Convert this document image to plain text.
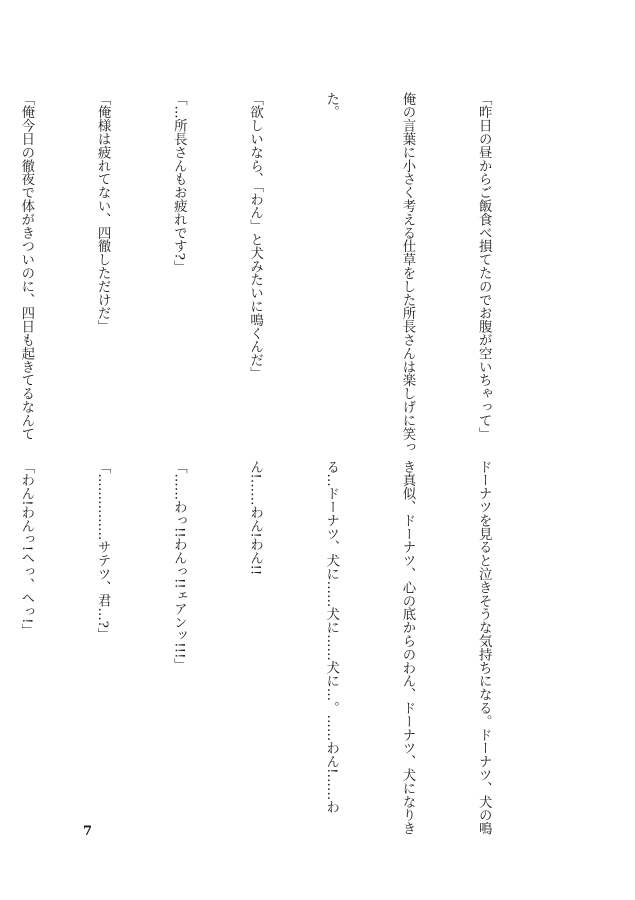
「昨日の昼からご飯食べ損てたのでお腹が空いちゃって」

俺の言葉に小さく考える仕草をした所長さんは楽しげに笑っ

た。

「欲しいなら、「わん」と犬みたいに鳴くんだ」

「…所長さんもお疲れです?」

「俺様は疲れてない、四徹しただけだ」

「俺今日の徹夜で体がきついのに、四日も起きてるなんて

ドーナツを見ると泣きそうな気持ちになる。ドーナツ、犬の鳴

き真似、ドーナツ、心の底からのわん、ドーナツ、犬になりき

る…ドーナツ、犬に……犬に……犬に…。……わん!……わ

ん!……わん!わん!!

「……わっ!!わんっ!!ェアンッ!!!」

「……………サテツ、君…?」

「わん!わんっ!へっ、へっ!」

7
